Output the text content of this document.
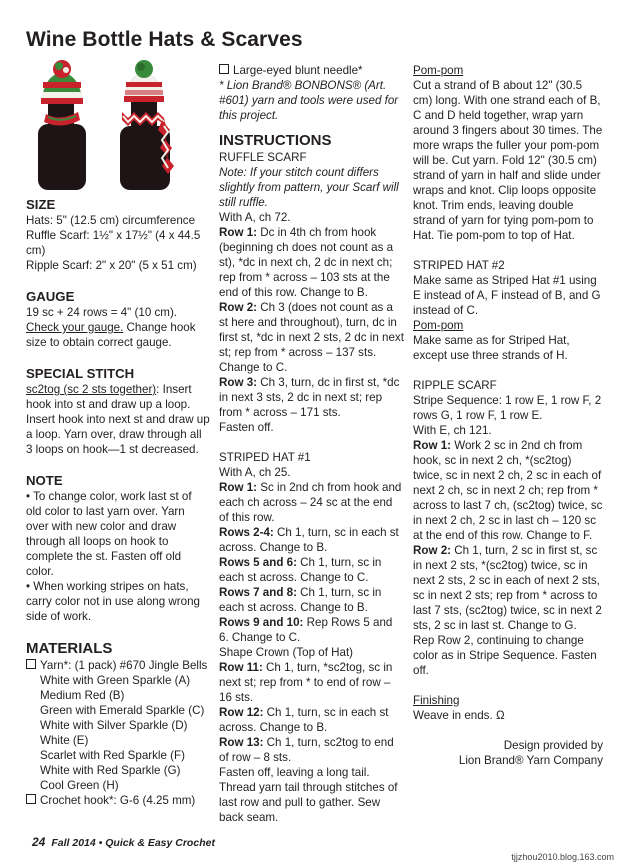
Wine Bottle Hats & Scarves

SIZE

Hats: 5" (12.5 cm) circumference

Ruffle Scarf: 1½" x 17½" (4 x 44.5 cm)

Ripple Scarf: 2" x 20" (5 x 51 cm)

GAUGE

19 sc + 24 rows = 4" (10 cm).

Check your gauge. Change hook size to obtain correct gauge.

SPECIAL STITCH

sc2tog (sc 2 sts together): Insert hook into st and draw up a loop. Insert hook into next st and draw up a loop. Yarn over, draw through all 3 loops on hook—1 st decreased.

NOTE

• To change color, work last st of old color to last yarn over. Yarn over with new color and draw through all loops on hook to complete the st. Fasten off old color.

• When working stripes on hats, carry color not in use along wrong side of work.

MATERIALS

Yarn*: (1 pack) #670 Jingle Bells

White with Green Sparkle (A)

Medium Red (B)

Green with Emerald Sparkle (C)

White with Silver Sparkle (D)

White (E)

Scarlet with Red Sparkle (F)

White with Red Sparkle (G)

Cool Green (H)

Crochet hook*: G-6 (4.25 mm)

Large-eyed blunt needle*

* Lion Brand® BONBONS® (Art. #601) yarn and tools were used for this project.

INSTRUCTIONS

RUFFLE SCARF

Note: If your stitch count differs slightly from pattern, your Scarf will still ruffle.

With A, ch 72.

Row 1: Dc in 4th ch from hook (beginning ch does not count as a st), *dc in next ch, 2 dc in next ch; rep from * across – 103 sts at the end of this row. Change to B.

Row 2: Ch 3 (does not count as a st here and throughout), turn, dc in first st, *dc in next 2 sts, 2 dc in next st; rep from * across – 137 sts. Change to C.

Row 3: Ch 3, turn, dc in first st, *dc in next 3 sts, 2 dc in next st; rep from * across – 171 sts.

Fasten off.

STRIPED HAT #1

With A, ch 25.

Row 1: Sc in 2nd ch from hook and each ch across – 24 sc at the end of this row.

Rows 2-4: Ch 1, turn, sc in each st across. Change to B.

Rows 5 and 6: Ch 1, turn, sc in each st across. Change to C.

Rows 7 and 8: Ch 1, turn, sc in each st across. Change to B.

Rows 9 and 10: Rep Rows 5 and 6. Change to C.

Shape Crown (Top of Hat)

Row 11: Ch 1, turn, *sc2tog, sc in next st; rep from * to end of row – 16 sts.

Row 12: Ch 1, turn, sc in each st across. Change to B.

Row 13: Ch 1, turn, sc2tog to end of row – 8 sts.

Fasten off, leaving a long tail. Thread yarn tail through stitches of last row and pull to gather. Sew back seam.

Pom-pom

Cut a strand of B about 12" (30.5 cm) long. With one strand each of B, C and D held together, wrap yarn around 3 fingers about 30 times. The more wraps the fuller your pom-pom will be. Cut yarn. Fold 12" (30.5 cm) strand of yarn in half and slide under wraps and knot. Clip loops opposite knot. Trim ends, leaving double strand of yarn for tying pom-pom to Hat. Tie pom-pom to top of Hat.

STRIPED HAT #2

Make same as Striped Hat #1 using E instead of A, F instead of B, and G instead of C.

Pom-pom

Make same as for Striped Hat, except use three strands of H.

RIPPLE SCARF

Stripe Sequence: 1 row E, 1 row F, 2 rows G, 1 row F, 1 row E.

With E, ch 121.

Row 1: Work 2 sc in 2nd ch from hook, sc in next 2 ch, *(sc2tog) twice, sc in next 2 ch, 2 sc in each of next 2 ch, sc in next 2 ch; rep from * across to last 7 ch, (sc2tog) twice, sc in next 2 ch, 2 sc in last ch – 120 sc at the end of this row. Change to F.

Row 2: Ch 1, turn, 2 sc in first st, sc in next 2 sts, *(sc2tog) twice, sc in next 2 sts, 2 sc in each of next 2 sts, sc in next 2 sts; rep from * across to last 7 sts, (sc2tog) twice, sc in next 2 sts, 2 sc in last st. Change to G.

Rep Row 2, continuing to change color as in Stripe Sequence. Fasten off.

Finishing

Weave in ends. Ω

Design provided by

Lion Brand® Yarn Company

24 Fall 2014 • Quick & Easy Crochet
tjjzhou2010.blog.163.com
